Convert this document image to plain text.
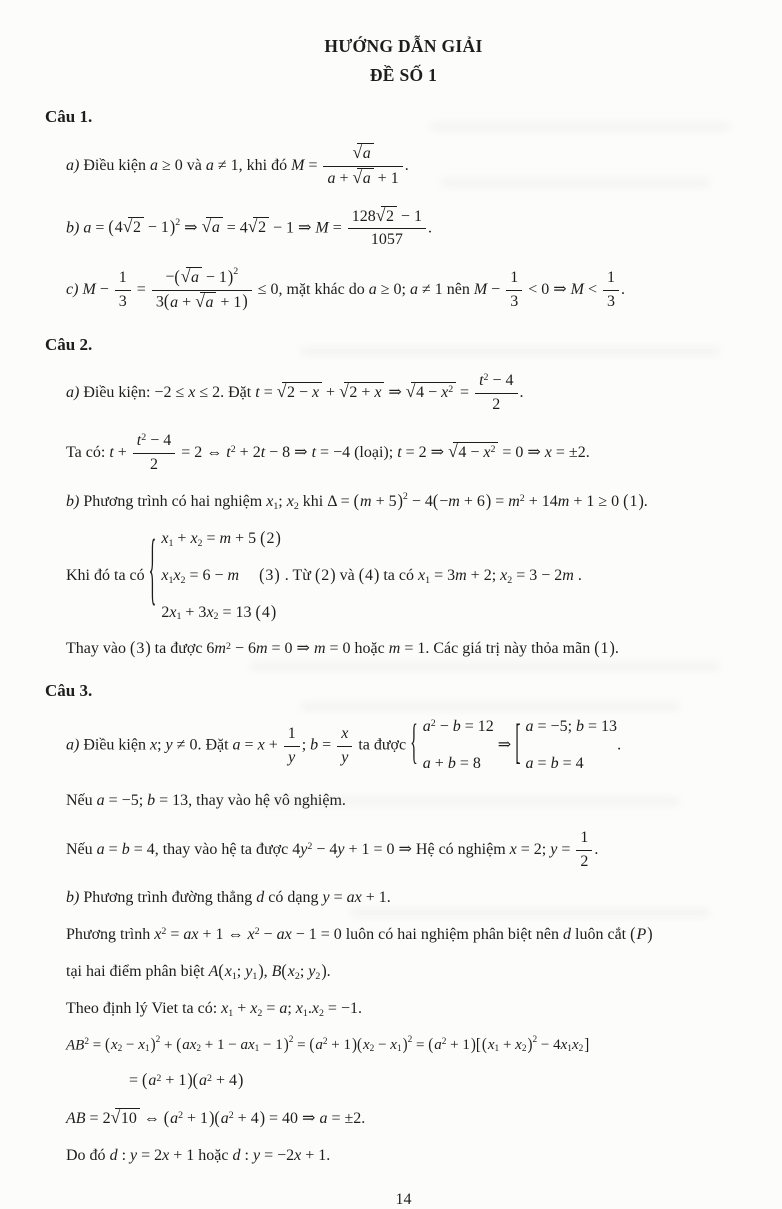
HƯỚNG DẪN GIẢI
ĐỀ SỐ 1
Câu 1.
a) Điều kiện a ≥ 0 và a ≠ 1, khi đó $M = \frac{√a}{a + √a + 1}$ .
b) a = ( 4√2 − 1 ) $^2$ ⇒ √a = 4√2 − 1 ⇒ $M = \frac{128√2 - 1}{1057}$ .
c) $M - \frac{1}{3} = \frac{- ( √a - 1 ) ^2}{3 ( a + √a + 1 )} \le 0$, mặt khác do a ≥ 0; a ≠ 1 nên $M - \frac{1}{3} < 0$ ⇒ $M < \frac{1}{3}$ .
Câu 2.
a) Điều kiện: −2 ≤ x ≤ 2. Đặt t = √2 − x + √2 + x ⇒ $√4 - x^2 = \frac{t^2 - 4}{2}$ .
Ta có: $t + \frac{t^2 - 4}{2} = 2$ ⇔ $t^2 + 2t - 8$ ⇒ t = −4 (loại); t = 2 ⇒ $√4 - x^2 = 0$ ⇒ x = ±2.
b) Phương trình có hai nghiệm $x_1$; $x_2$ khi Δ = ( m + 5 ) $^2$ − 4 ( −m + 6 ) = $m^2 + 14m + 1 \ge 0$ ( 1 ) .
Khi đó ta có { $x_1 + x_2 = m + 5$ ( 2 )
$x_1x_2 = 6 - m$ ( 3 )
$2x_1 + 3x_2 = 13$ ( 4 )
. Từ ( 2 ) và ( 4 ) ta có $x_1 = 3m + 2$; $x_2 = 3 - 2m$ .
Thay vào ( 3 ) ta được $6m^2 - 6m = 0$ ⇒ m = 0 hoặc m = 1. Các giá trị này thỏa mãn ( 1 ) .
Câu 3.
a) Điều kiện x; y ≠ 0. Đặt $a = x + \frac{1}{y}$ ; $b = \frac{x}{y}$ ta được { $a^2 - b = 12$
a + b = 8
⇒ [ a = −5; b = 13
a = b = 4
.
Nếu a = −5; b = 13, thay vào hệ vô nghiệm.
Nếu a = b = 4, thay vào hệ ta được $4y^2 - 4y + 1 = 0$ ⇒ Hệ có nghiệm x = 2; $y = \frac{1}{2}$ .
b) Phương trình đường thẳng d có dạng y = ax + 1.
Phương trình $x^2$ = ax + 1 ⇔ $x^2$ − ax − 1 = 0 luôn có hai nghiệm phân biệt nên d luôn cắt ( P )
tại hai điểm phân biệt A ( $x_1$; $y_1$ ) , B ( $x_2$; $y_2$ ) .
Theo định lý Viet ta có: $x_1 + x_2 = a$; $x_1.x_2 = -1$.
$AB^2$ = ( $x_2 - x_1$ ) $^2$ + ( $ax_2 + 1 - ax_1 - 1$ ) $^2$ = ( $a^2 + 1$ ) ( $x_2 - x_1$ ) $^2$ = ( $a^2 + 1$ ) [ ( $x_1 + x_2$ ) $^2 - 4x_1x_2$ ]
= ( $a^2 + 1$ ) ( $a^2 + 4$ )
AB = 2√10 ⇔ ( $a^2 + 1$ ) ( $a^2 + 4$ ) = 40 ⇒ a = ±2.
Do đó d : y = 2x + 1 hoặc d : y = −2x + 1.
14
